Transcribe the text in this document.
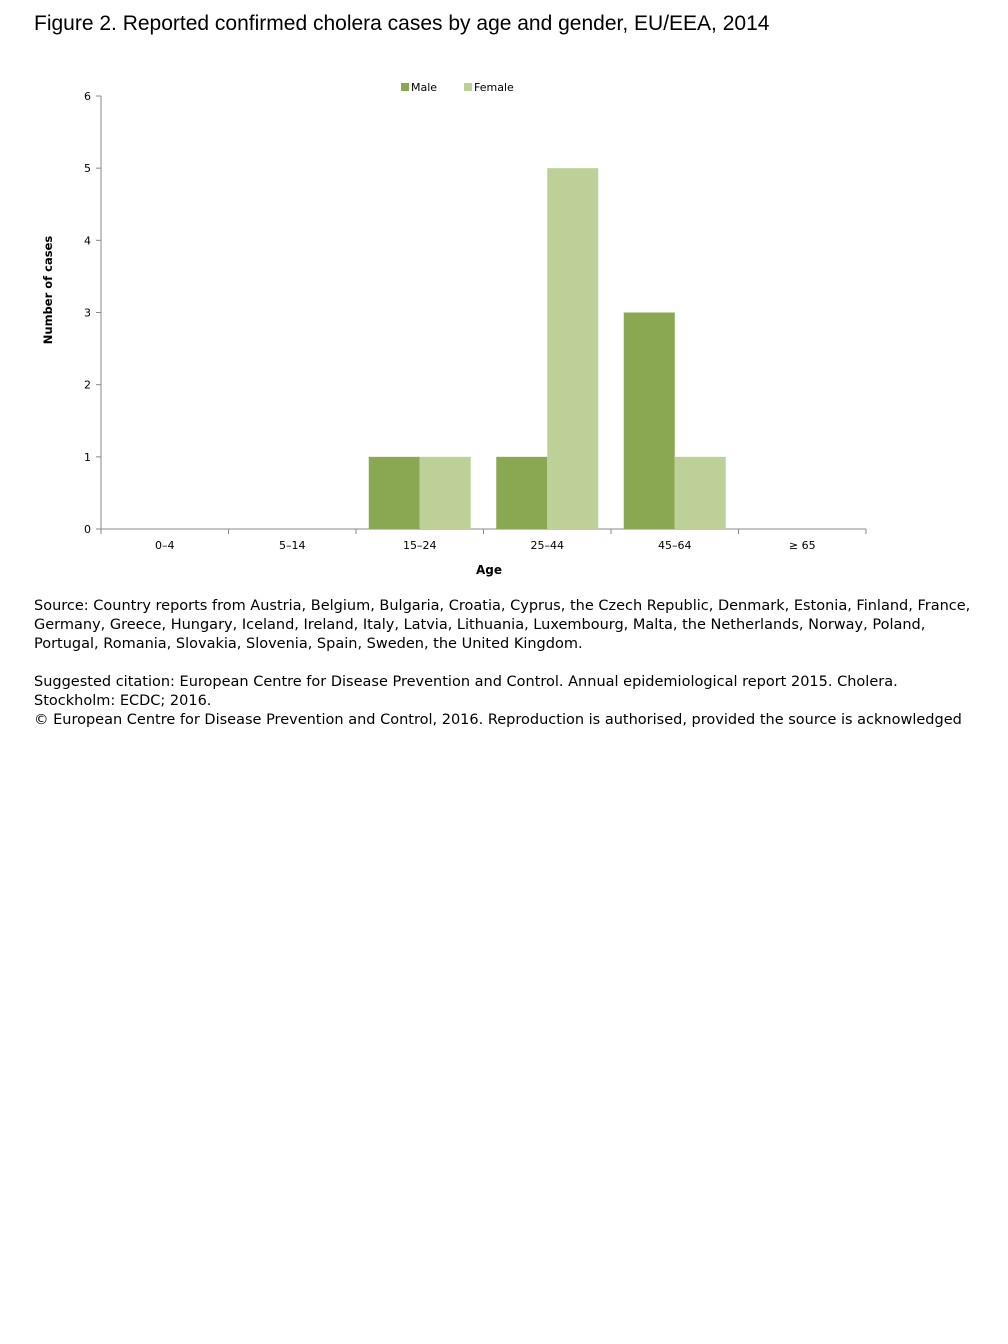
Figure 2. Reported confirmed cholera cases by age and gender, EU/EEA, 2014
Male	Female
0
1
2
3
4
5
6
0–4	5–14	15–24	25–44	45–64	≥ 65
Number of cases
Age

Source: Country reports from Austria, Belgium, Bulgaria, Croatia, Cyprus, the Czech Republic, Denmark, Estonia, Finland, France, Germany, Greece, Hungary, Iceland, Ireland, Italy, Latvia, Lithuania, Luxembourg, Malta, the Netherlands, Norway, Poland, Portugal, Romania, Slovakia, Slovenia, Spain, Sweden, the United Kingdom.

Suggested citation: European Centre for Disease Prevention and Control. Annual epidemiological report 2015. Cholera. Stockholm: ECDC; 2016.

© European Centre for Disease Prevention and Control, 2016. Reproduction is authorised, provided the source is acknowledged
